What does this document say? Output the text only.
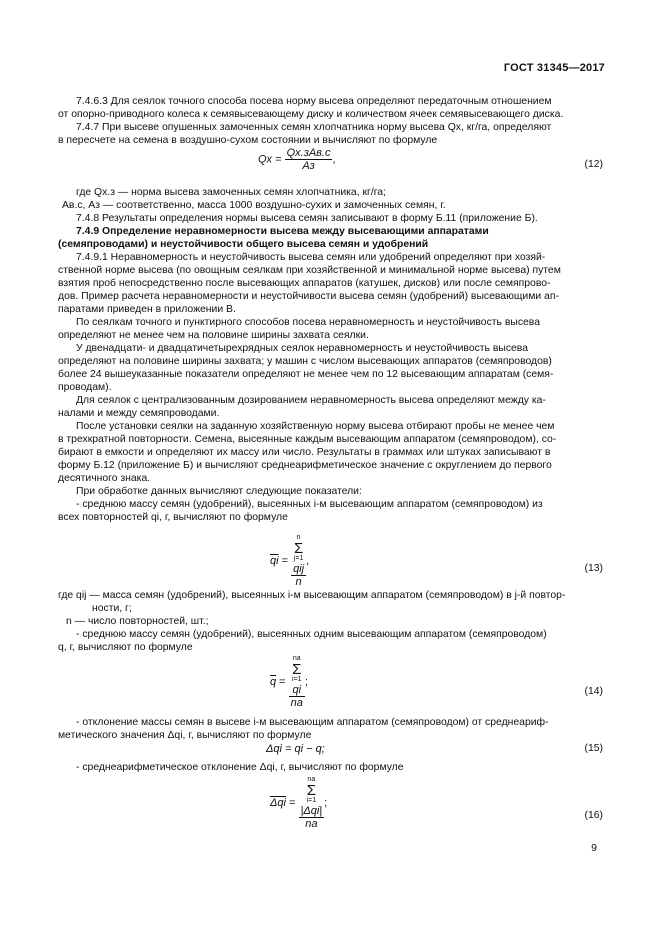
ГОСТ 31345—2017
7.4.6.3 Для сеялок точного способа посева норму высева определяют передаточным отношением
от опорно-приводного колеса к семявысевающему диску и количеством ячеек семявысевающего диска.
7.4.7 При высеве опушенных замоченных семян хлопчатника норму высева Qx, кг/га, определяют
в пересчете на семена в воздушно-сухом состоянии и вычисляют по формуле
Qх = $\frac{\text{Qх.зАв.с}}{Аз}$ ,	(12)
где Qх.з — норма высева замоченных семян хлопчатника, кг/га;
Ав.с, Аз — соответственно, масса 1000 воздушно-сухих и замоченных семян, г.
7.4.8 Результаты определения нормы высева семян записывают в форму Б.11 (приложение Б).
7.4.9 Определение неравномерности высева между высевающими аппаратами
(семяпроводами) и неустойчивости общего высева семян и удобрений
7.4.9.1 Неравномерность и неустойчивость высева семян или удобрений определяют при хозяй-
ственной норме высева (по овощным сеялкам при хозяйственной и минимальной норме высева) путем
взятия проб непосредственно после высевающих аппаратов (катушек, дисков) или после семяпрово-
дов. Пример расчета неравномерности и неустойчивости высева семян (удобрений) высевающими ап-
паратами приведен в приложении В.
По сеялкам точного и пунктирного способов посева неравномерность и неустойчивость высева
определяют не менее чем на половине ширины захвата сеялки.
У двенадцати- и двадцатичетырехрядных сеялок неравномерность и неустойчивость высева
определяют на половине ширины захвата; у машин с числом высевающих аппаратов (семяпроводов)
более 24 вышеуказанные показатели определяют не менее чем по 12 высевающим аппаратам (семя-
проводам).
Для сеялок с централизованным дозированием неравномерность высева определяют между ка-
налами и между семяпроводами.
После установки сеялки на заданную хозяйственную норму высева отбирают пробы не менее чем
в трехкратной повторности. Семена, высеянные каждым высевающим аппаратом (семяпроводом), со-
бирают в емкости и определяют их массу или число. Результаты в граммах или штуках записывают в
форму Б.12 (приложение Б) и вычисляют среднеарифметическое значение с округлением до первого
десятичного знака.
При обработке данных вычисляют следующие показатели:
- среднюю массу семян (удобрений), высеянных i-м высевающим аппаратом (семяпроводом) из
всех повторностей qi, г, вычисляют по формуле
$\overline{qi} = n$
Σ
j=1
qij
n ,
(13)
где qij — масса семян (удобрений), высеянных i-м высевающим аппаратом (семяпроводом) в j-й повтор-
ности, г;
n — число повторностей, шт.;
- среднюю массу семян (удобрений), высеянных одним высевающим аппаратом (семяпроводом)
q, г, вычисляют по формуле
$\overline{q}$ = nа
Σ
i=1
qi
nа ;
(14)
- отклонение массы семян в высеве i-м высевающим аппаратом (семяпроводом) от среднеариф-
метического значения Δqi, г, вычисляют по формуле
Δqi = qi − q;	(15)
- среднеарифметическое отклонение Δqi, г, вычисляют по формуле
$\overline{\Delta qi}$ = nа
Σ
i=1
|Δqi|
nа ;
(16)
9
